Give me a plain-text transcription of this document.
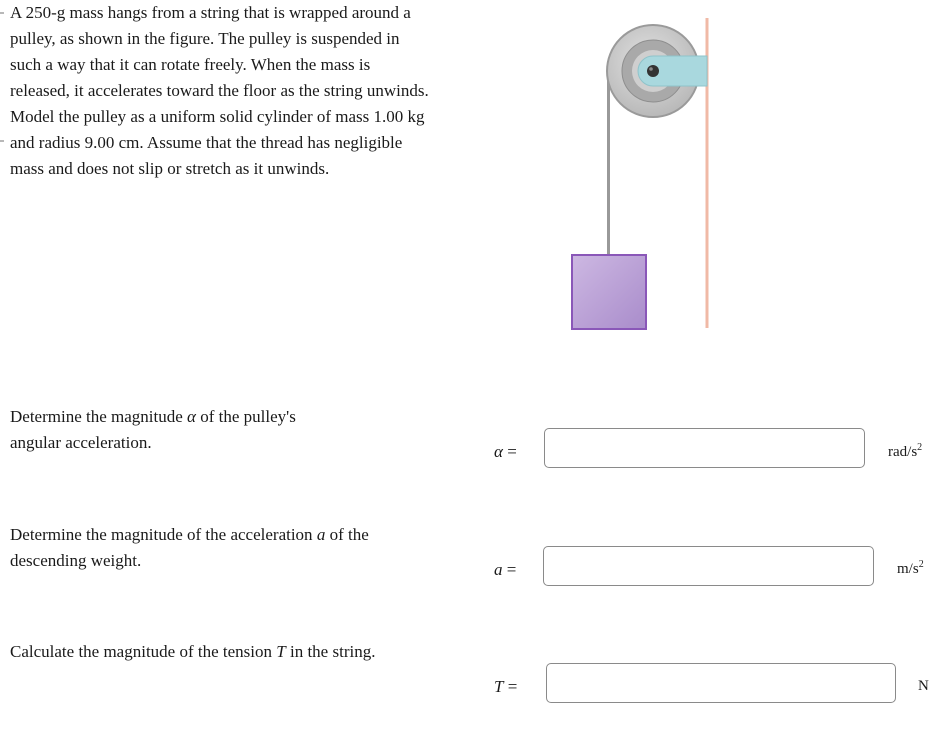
A 250-g mass hangs from a string that is wrapped around a
pulley, as shown in the figure. The pulley is suspended in
such a way that it can rotate freely. When the mass is
released, it accelerates toward the floor as the string unwinds.
Model the pulley as a uniform solid cylinder of mass 1.00 kg
and radius 9.00 cm. Assume that the thread has negligible
mass and does not slip or stretch as it unwinds.
Determine the magnitude α of the pulley's
angular acceleration.	α =	rad/$s^2$
Determine the magnitude of the acceleration a of the
descending weight.	a =	$m/s^2$
Calculate the magnitude of the tension T in the string.
T =	N
